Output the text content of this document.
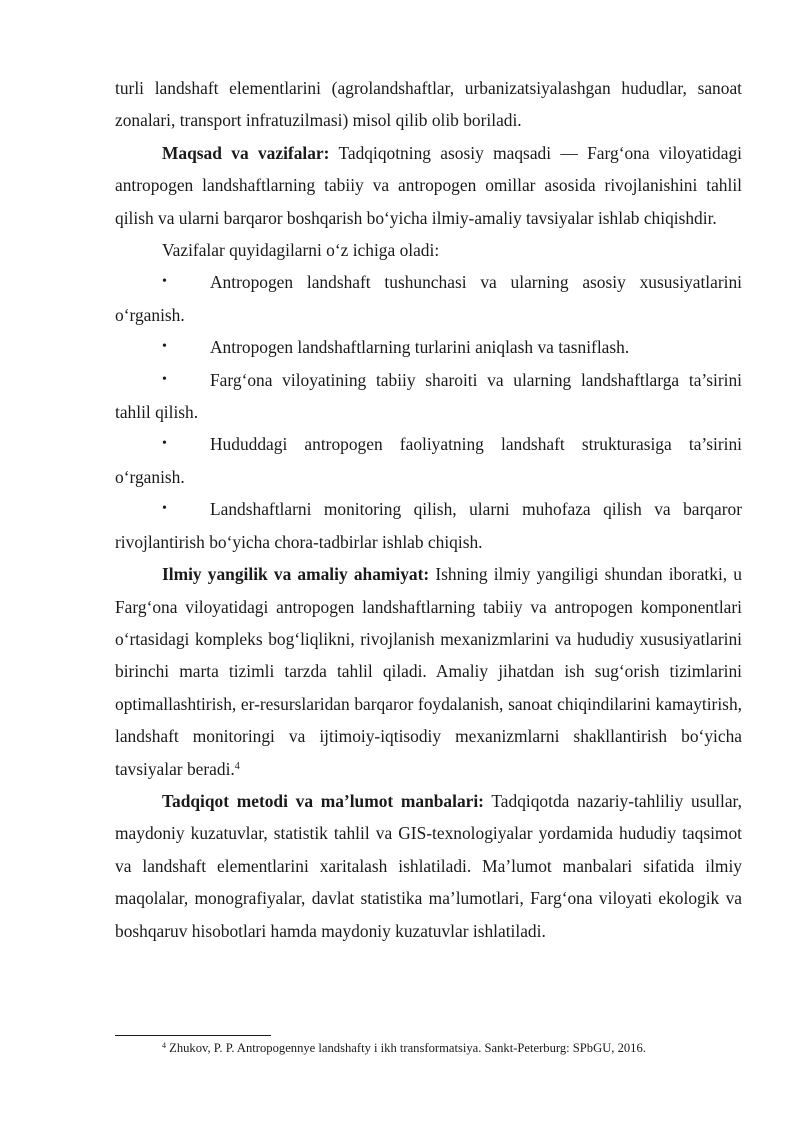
turli landshaft elementlarini (agrolandshaftlar, urbanizatsiyalashgan hududlar, sanoat zonalari, transport infratuzilmasi) misol qilib olib boriladi.

Maqsad va vazifalar: Tadqiqotning asosiy maqsadi — Farg‘ona viloyatidagi antropogen landshaftlarning tabiiy va antropogen omillar asosida rivojlanishini tahlil qilish va ularni barqaror boshqarish bo‘yicha ilmiy-amaliy tavsiyalar ishlab chiqishdir.

Vazifalar quyidagilarni o‘z ichiga oladi:

• Antropogen landshaft tushunchasi va ularning asosiy xususiyatlarini o‘rganish.

• Antropogen landshaftlarning turlarini aniqlash va tasniflash.

• Farg‘ona viloyatining tabiiy sharoiti va ularning landshaftlarga ta’sirini tahlil qilish.

• Hududdagi antropogen faoliyatning landshaft strukturasiga ta’sirini o‘rganish.

• Landshaftlarni monitoring qilish, ularni muhofaza qilish va barqaror rivojlantirish bo‘yicha chora-tadbirlar ishlab chiqish.

Ilmiy yangilik va amaliy ahamiyat: Ishning ilmiy yangiligi shundan iboratki, u Farg‘ona viloyatidagi antropogen landshaftlarning tabiiy va antropogen komponentlari o‘rtasidagi kompleks bog‘liqlikni, rivojlanish mexanizmlarini va hududiy xususiyatlarini birinchi marta tizimli tarzda tahlil qiladi. Amaliy jihatdan ish sug‘orish tizimlarini optimallashtirish, er-resurslaridan barqaror foydalanish, sanoat chiqindilarini kamaytirish, landshaft monitoringi va ijtimoiy-iqtisodiy mexanizmlarni shakllantirish bo‘yicha tavsiyalar beradi.$^4$

Tadqiqot metodi va ma’lumot manbalari: Tadqiqotda nazariy-tahliliy usullar, maydoniy kuzatuvlar, statistik tahlil va GIS-texnologiyalar yordamida hududiy taqsimot va landshaft elementlarini xaritalash ishlatiladi. Ma’lumot manbalari sifatida ilmiy maqolalar, monografiyalar, davlat statistika ma’lumotlari, Farg‘ona viloyati ekologik va boshqaruv hisobotlari hamda maydoniy kuzatuvlar ishlatiladi.

$^4$ Zhukov, P. P. Antropogennye landshafty i ikh transformatsiya. Sankt-Peterburg: SPbGU, 2016.
